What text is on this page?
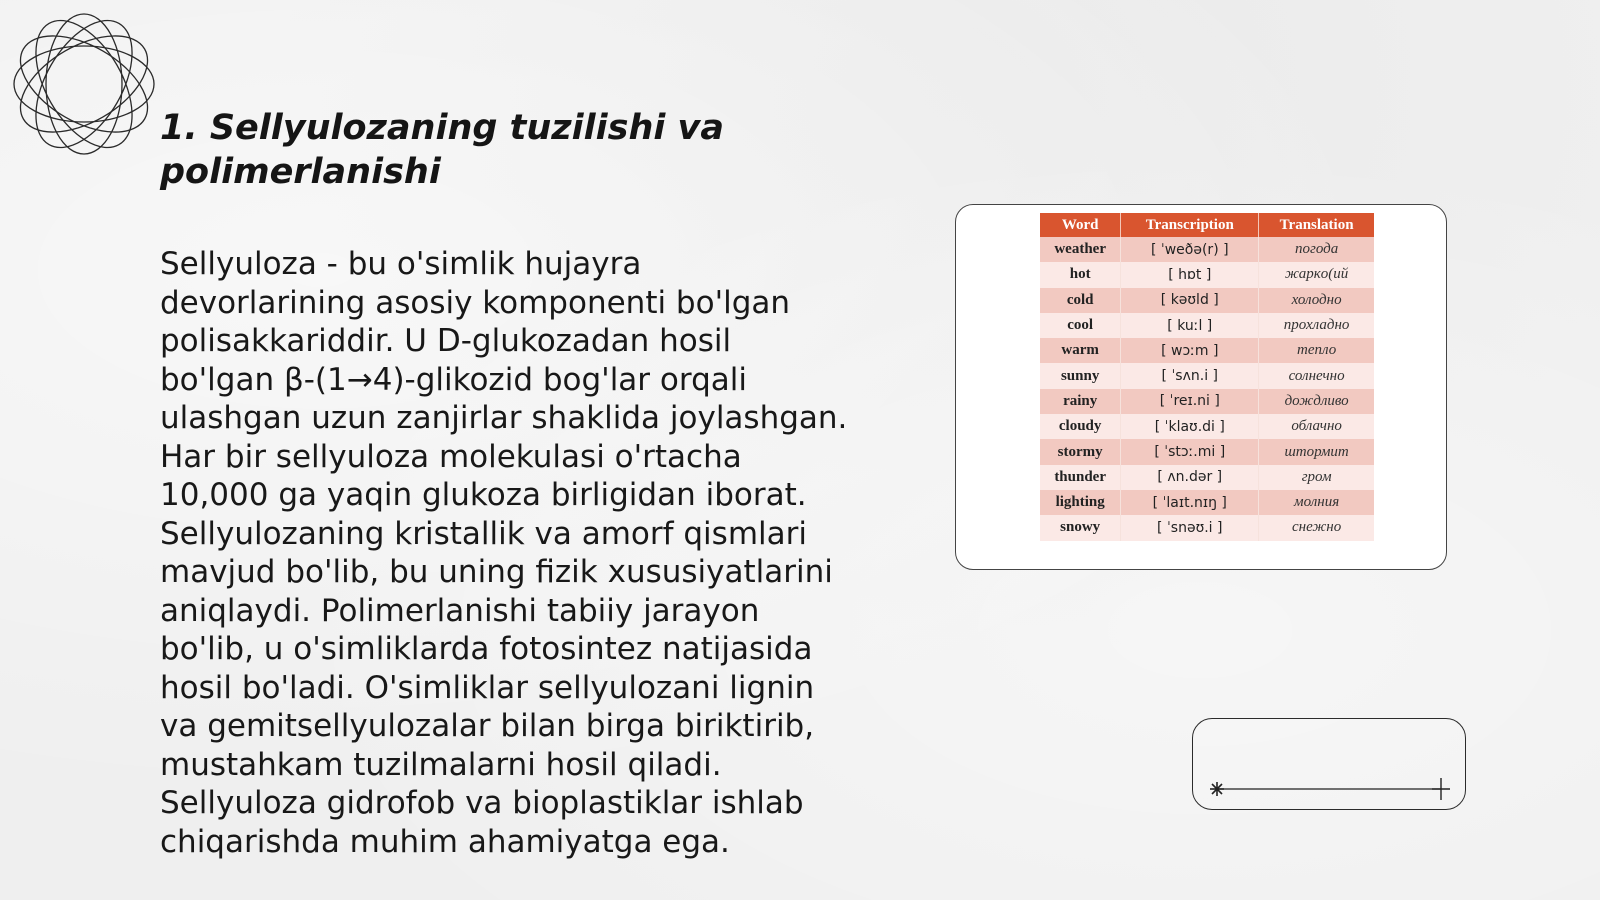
1. Sellyulozaning tuzilishi va polimerlanishi

Sellyuloza - bu o'simlik hujayra devorlarining asosiy komponenti bo'lgan polisakkariddir. U D-glukozadan hosil bo'lgan β-(1→4)-glikozid bog'lar orqali ulashgan uzun zanjirlar shaklida joylashgan. Har bir sellyuloza molekulasi o'rtacha 10,000 ga yaqin glukoza birligidan iborat. Sellyulozaning kristallik va amorf qismlari mavjud bo'lib, bu uning fizik xususiyatlarini aniqlaydi. Polimerlanishi tabiiy jarayon bo'lib, u o'simliklarda fotosintez natijasida hosil bo'ladi. O'simliklar sellyulozani lignin va gemitsellyulozalar bilan birga biriktirib, mustahkam tuzilmalarni hosil qiladi. Sellyuloza gidrofob va bioplastiklar ishlab chiqarishda muhim ahamiyatga ega.

Word	Transcription	Translation
weather	[ ˈweðə(r) ]	погода
hot	[ hɒt ]	жаркo(ий
cold	[ kəʊld ]	холодно
cool	[ kuːl ]	прохладно
warm	[ wɔːm ]	тепло
sunny	[ ˈsʌn.i ]	солнечно
rainy	[ ˈreɪ.ni ]	дождливо
cloudy	[ ˈklaʊ.di ]	облачно
stormy	[ ˈstɔː.mi ]	штормит
thunder	[ ʌn.dər ]	гром
lighting	[ ˈlaɪt.nɪŋ ]	молния
snowy	[ ˈsnəʊ.i ]	снежно
